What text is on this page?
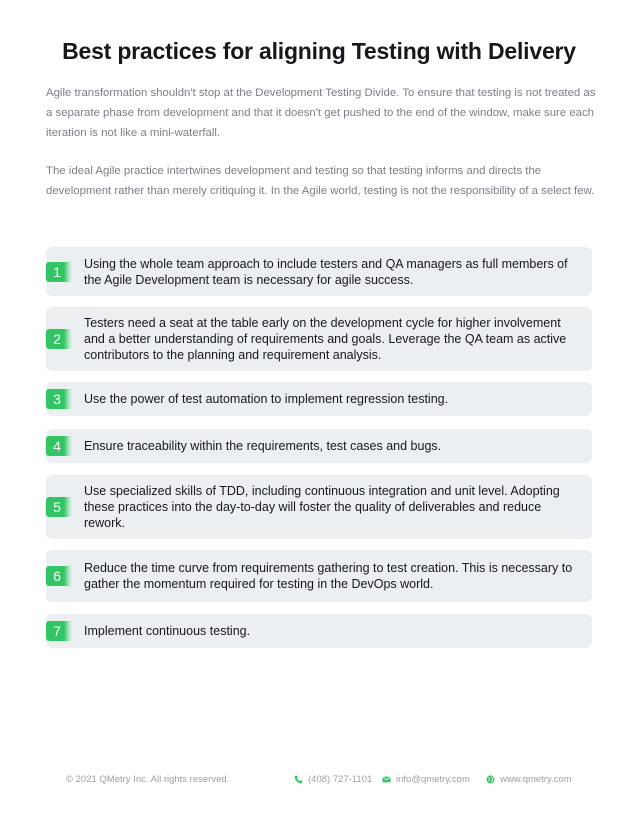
Best practices for aligning Testing with Delivery
Agile transformation shouldn't stop at the Development Testing Divide. To ensure that testing is not treated as a separate phase from development and that it doesn't get pushed to the end of the window, make sure each iteration is not like a mini-waterfall.
The ideal Agile practice intertwines development and testing so that testing informs and directs the development rather than merely critiquing it. In the Agile world, testing is not the responsibility of a select few.
1 Using the whole team approach to include testers and QA managers as full members of the Agile Development team is necessary for agile success.
2
Testers need a seat at the table early on the development cycle for higher involvement and a better understanding of requirements and goals. Leverage the QA team as active contributors to the planning and requirement analysis.
3 Use the power of test automation to implement regression testing.
4 Ensure traceability within the requirements, test cases and bugs.
5
Use specialized skills of TDD, including continuous integration and unit level. Adopting these practices into the day-to-day will foster the quality of deliverables and reduce rework.
6 Reduce the time curve from requirements gathering to test creation. This is necessary to gather the momentum required for testing in the DevOps world.
7 Implement continuous testing.
© 2021 QMetry Inc. All rights reserved.	(408) 727-1101 info@qmetry.com	www.qmetry.com
